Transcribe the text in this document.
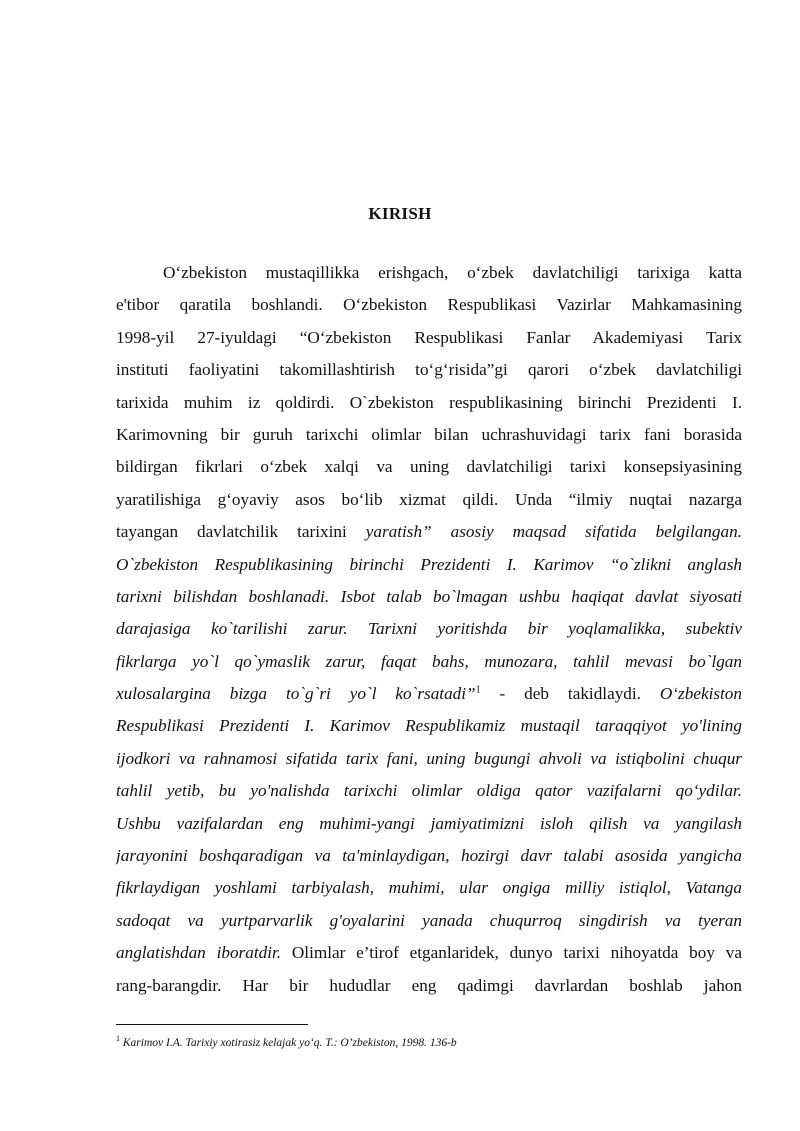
KIRISH
O‘zbekiston mustaqillikka erishgach, o‘zbek davlatchiligi tarixiga katta
e'tibor qaratila boshlandi. O‘zbekiston Respublikasi Vazirlar Mahkamasining
1998-yil 27-iyuldagi “O‘zbekiston Respublikasi Fanlar Akademiyasi Tarix
instituti faoliyatini takomillashtirish to‘g‘risida”gi qarori o‘zbek davlatchiligi
tarixida muhim iz qoldirdi. O`zbekiston respublikasining birinchi Prezidenti I.
Karimovning bir guruh tarixchi olimlar bilan uchrashuvidagi tarix fani borasida
bildirgan fikrlari o‘zbek xalqi va uning davlatchiligi tarixi konsepsiyasining
yaratilishiga g‘oyaviy asos bo‘lib xizmat qildi. Unda “ilmiy nuqtai nazarga
tayangan davlatchilik tarixini yaratish” asosiy maqsad sifatida belgilangan.
O`zbekiston Respublikasining birinchi Prezidenti I. Karimov “o`zlikni anglash
tarixni bilishdan boshlanadi. Isbot talab bo`lmagan ushbu haqiqat davlat siyosati
darajasiga ko`tarilishi zarur. Tarixni yoritishda bir yoqlamalikka, subektiv
fikrlarga yo`l qo`ymaslik zarur, faqat bahs, munozara, tahlil mevasi bo`lgan
xulosalargina bizga to`g`ri yo`l ko`rsatadi”$^1$ - deb takidlaydi. O‘zbekiston
Respublikasi Prezidenti I. Karimov Respublikamiz mustaqil taraqqiyot yo'lining
ijodkori va rahnamosi sifatida tarix fani, uning bugungi ahvoli va istiqbolini chuqur
tahlil yetib, bu yo'nalishda tarixchi olimlar oldiga qator vazifalarni qo‘ydilar.
Ushbu vazifalardan eng muhimi-yangi jamiyatimizni isloh qilish va yangilash
jarayonini boshqaradigan va ta'minlaydigan, hozirgi davr talabi asosida yangicha
fikrlaydigan yoshlami tarbiyalash, muhimi, ular ongiga milliy istiqlol, Vatanga
sadoqat va yurtparvarlik g'oyalarini yanada chuqurroq singdirish va tyeran
anglatishdan iboratdir. Olimlar e’tirof etganlaridek, dunyo tarixi nihoyatda boy va
rang-barangdir. Har bir hududlar eng qadimgi davrlardan boshlab jahon
$^1$ Karimov I.A. Tarixiy xotirasiz kelajak yo‘q. T.: O’zbekiston, 1998. 136-b
